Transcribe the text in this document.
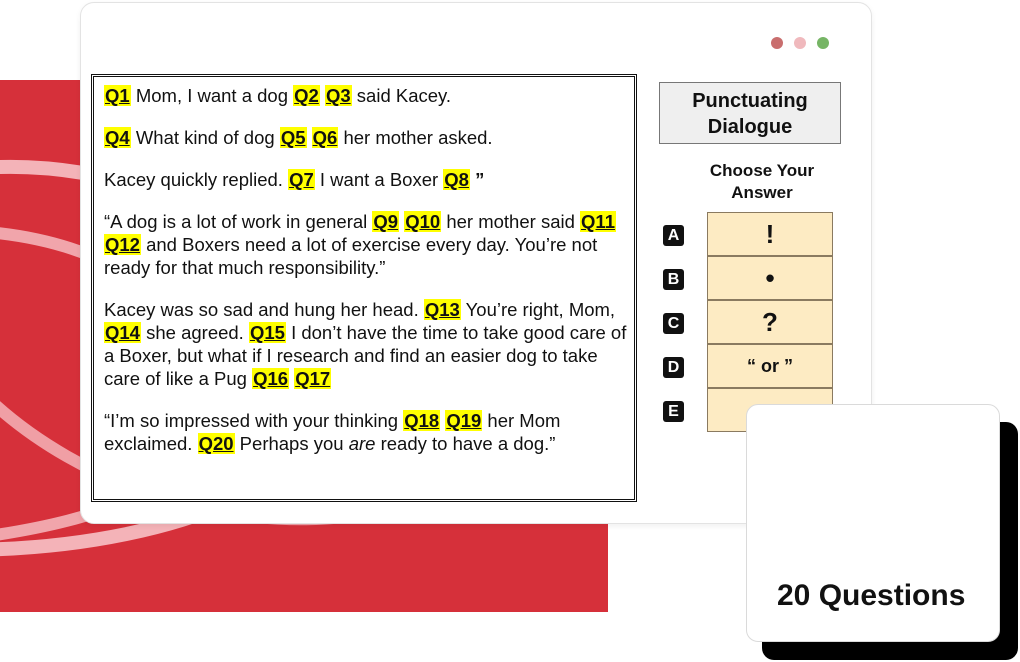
Q1 Mom, I want a dog Q2 Q3 said Kacey.

Q4 What kind of dog Q5 Q6 her mother asked.

Kacey quickly replied. Q7 I want a Boxer Q8 ”

“A dog is a lot of work in general Q9 Q10 her mother said Q11 Q12 and Boxers need a lot of exercise every day. You’re not ready for that much responsibility.”

Kacey was so sad and hung her head. Q13 You’re right, Mom, Q14 she agreed. Q15 I don’t have the time to take good care of a Boxer, but what if I research and find an easier dog to take care of like a Pug Q16 Q17

“I’m so impressed with your thinking Q18 Q19 her Mom exclaimed. Q20 Perhaps you are ready to have a dog.”

Punctuating Dialogue
Choose Your Answer
A	!
B	•
C	?
D	“ or ”
E
20 Questions
